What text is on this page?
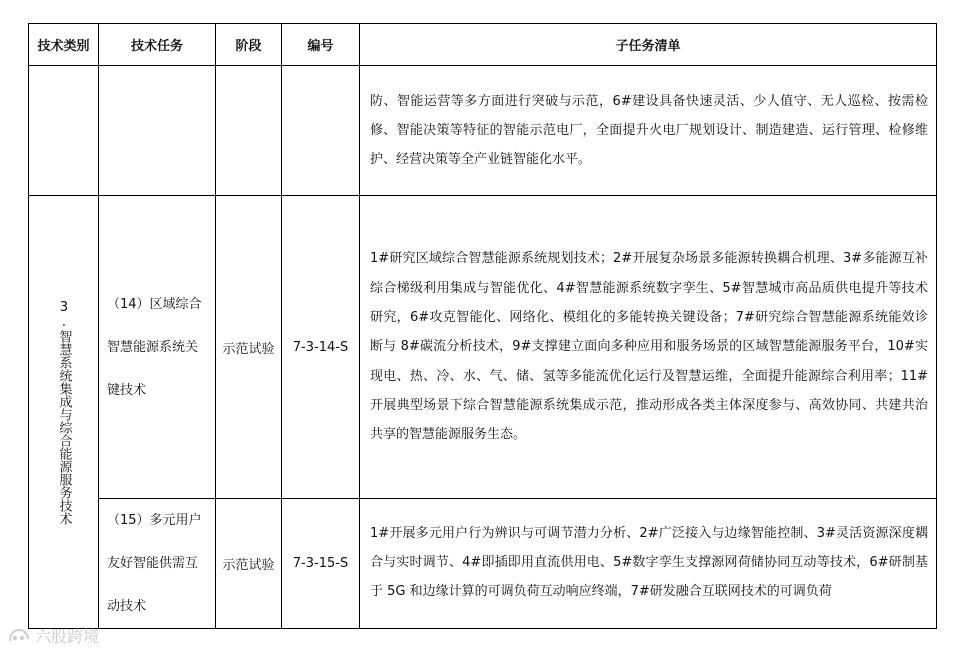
技术类别	技术任务	阶段	编号	子任务清单

				防、智能运营等多方面进行突破与示范，6#建设具备快速灵活、少人值守、无人巡检、按需检修、智能决策等特征的智能示范电厂，全面提升火电厂规划设计、制造建造、运行管理、检修维护、经营决策等全产业链智能化水平。

3.智慧系统集成与综合能源服务技术	（14）区域综合智慧能源系统关键技术	示范试验	7-3-14-S	1#研究区域综合智慧能源系统规划技术；2#开展复杂场景多能源转换耦合机理、3#多能源互补综合梯级利用集成与智能优化、4#智慧能源系统数字孪生、5#智慧城市高品质供电提升等技术研究，6#攻克智能化、网络化、模组化的多能转换关键设备；7#研究综合智慧能源系统能效诊断与 8#碳流分析技术，9#支撑建立面向多种应用和服务场景的区域智慧能源服务平台，10#实现电、热、冷、水、气、储、氢等多能流优化运行及智慧运维，全面提升能源综合利用率；11#开展典型场景下综合智慧能源系统集成示范，推动形成各类主体深度参与、高效协同、共建共治共享的智慧能源服务生态。

	（15）多元用户友好智能供需互动技术	示范试验	7-3-15-S	1#开展多元用户行为辨识与可调节潜力分析、2#广泛接入与边缘智能控制、3#灵活资源深度耦合与实时调节、4#即插即用直流供用电、5#数字孪生支撑源网荷储协同互动等技术，6#研制基于 5G 和边缘计算的可调负荷互动响应终端，7#研发融合互联网技术的可调负荷
六股跨境
